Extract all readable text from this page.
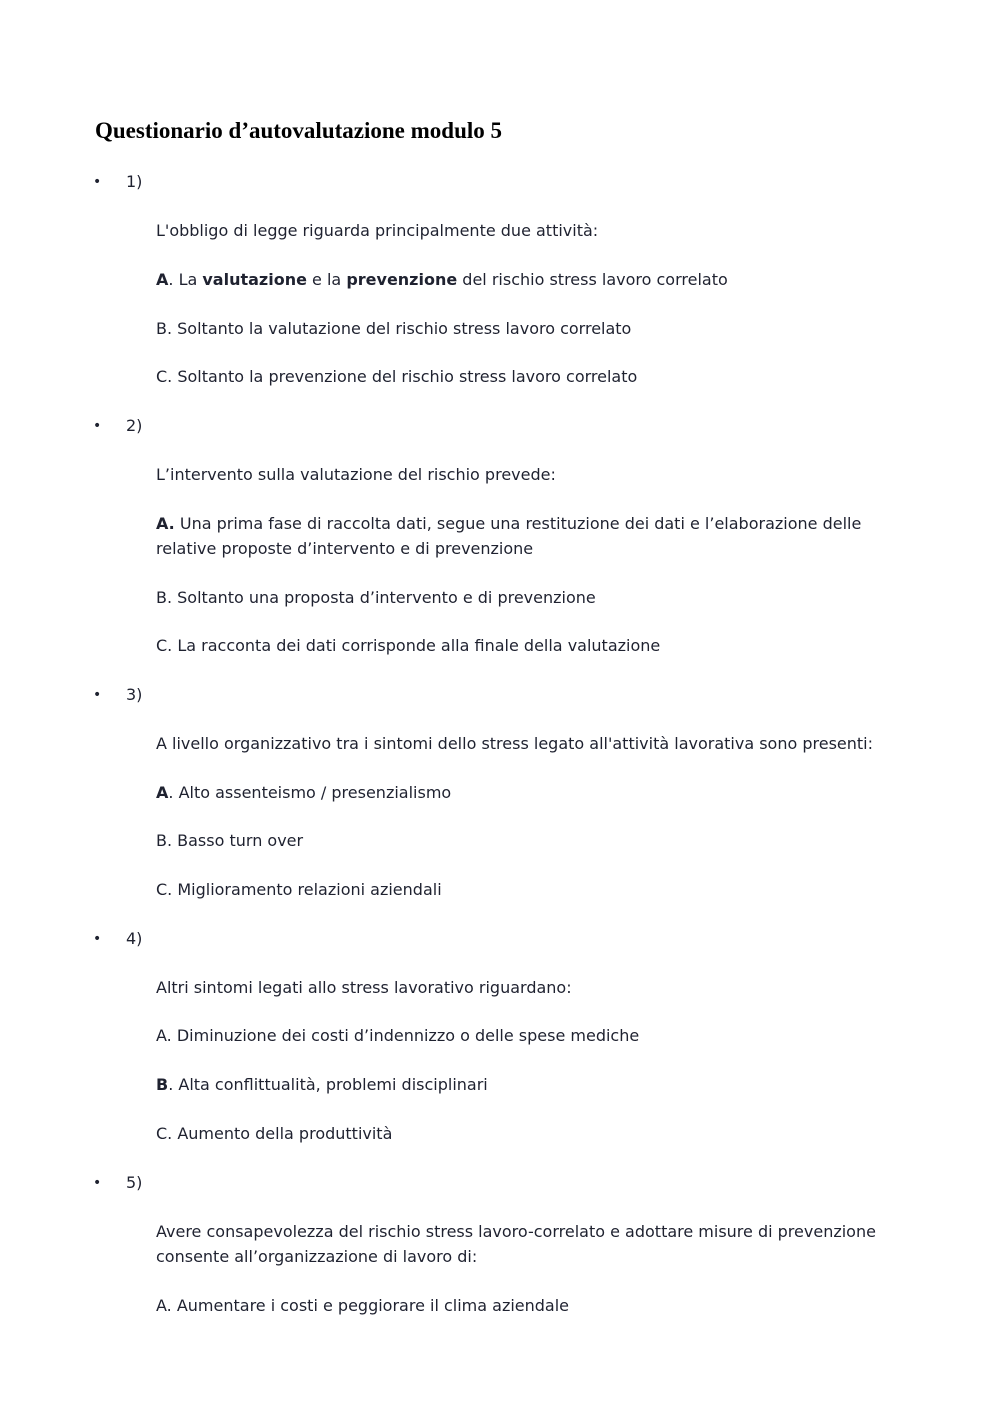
Questionario d’autovalutazione modulo 5
• 1)

L'obbligo di legge riguarda principalmente due attività:

A. La valutazione e la prevenzione del rischio stress lavoro correlato

B. Soltanto la valutazione del rischio stress lavoro correlato

C. Soltanto la prevenzione del rischio stress lavoro correlato

• 2)

L’intervento sulla valutazione del rischio prevede:

A. Una prima fase di raccolta dati, segue una restituzione dei dati e l’elaborazione delle relative proposte d’intervento e di prevenzione

B. Soltanto una proposta d’intervento e di prevenzione

C. La racconta dei dati corrisponde alla finale della valutazione

• 3)

A livello organizzativo tra i sintomi dello stress legato all'attività lavorativa sono presenti:

A. Alto assenteismo / presenzialismo

B. Basso turn over

C. Miglioramento relazioni aziendali

• 4)

Altri sintomi legati allo stress lavorativo riguardano:

A. Diminuzione dei costi d’indennizzo o delle spese mediche

B. Alta conflittualità, problemi disciplinari

C. Aumento della produttività

• 5)

Avere consapevolezza del rischio stress lavoro-correlato e adottare misure di prevenzione consente all’organizzazione di lavoro di:

A. Aumentare i costi e peggiorare il clima aziendale
